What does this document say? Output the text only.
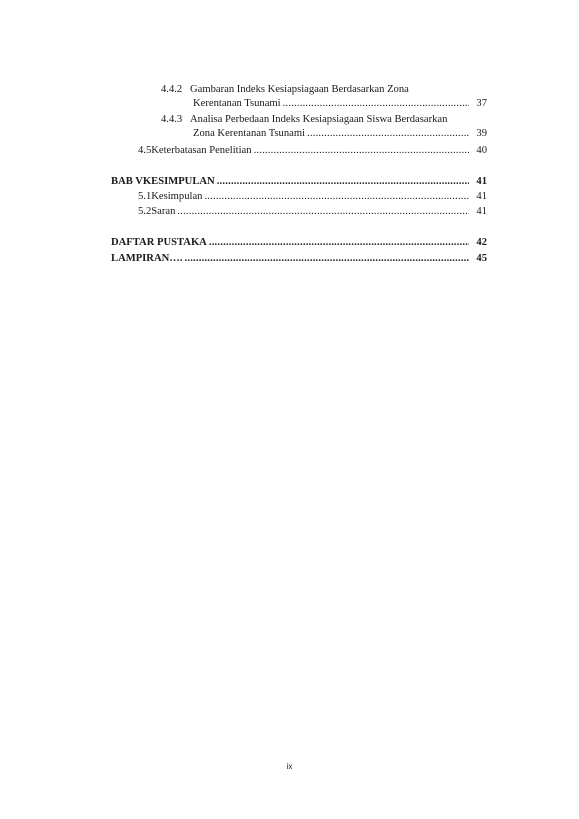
4.4.2 Gambaran Indeks Kesiapsiagaan Berdasarkan Zona
Kerentanan Tsunami .....	37
4.4.3 Analisa Perbedaan Indeks Kesiapsiagaan Siswa Berdasarkan
Zona Kerentanan Tsunami .....	39
4.5 Keterbatasan Penelitian .....	40
BAB V KESIMPULAN .....	41
5.1 Kesimpulan .....	41
5.2 Saran .....	41
DAFTAR PUSTAKA .....	42
LAMPIRAN…. .....	45
ix
